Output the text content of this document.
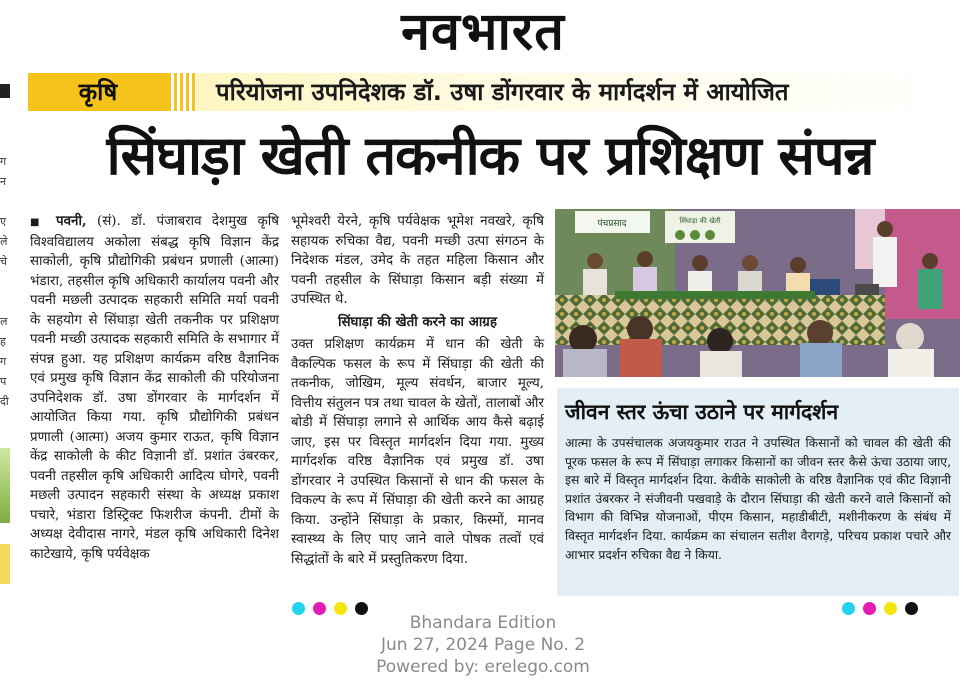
नवभारत
ग
न
ए
ले
चे
ल
ह
ग
प
दी
कृषि	परियोजना उपनिदेशक डॉ. उषा डोंगरवार के मार्गदर्शन में आयोजित
सिंघाड़ा खेती तकनीक पर प्रशिक्षण संपन्न

■ पवनी, (सं). डॉ. पंजाबराव देशमुख कृषि विश्वविद्यालय अकोला संबद्ध कृषि विज्ञान केंद्र साकोली, कृषि प्रौद्योगिकी प्रबंधन प्रणाली (आत्मा) भंडारा, तहसील कृषि अधिकारी कार्यालय पवनी और पवनी मछली उत्पादक सहकारी समिति मर्या पवनी के सहयोग से सिंघाड़ा खेती तकनीक पर प्रशिक्षण पवनी मच्छी उत्पादक सहकारी समिति के सभागार में संपन्न हुआ. यह प्रशिक्षण कार्यक्रम वरिष्ठ वैज्ञानिक एवं प्रमुख कृषि विज्ञान केंद्र साकोली की परियोजना उपनिदेशक डॉ. उषा डोंगरवार के मार्गदर्शन में आयोजित किया गया. कृषि प्रौद्योगिकी प्रबंधन प्रणाली (आत्मा) अजय कुमार राऊत, कृषि विज्ञान केंद्र साकोली के कीट विज्ञानी डॉ. प्रशांत उंबरकर, पवनी तहसील कृषि अधिकारी आदित्य घोगरे, पवनी मछली उत्पादन सहकारी संस्था के अध्यक्ष प्रकाश पचारे, भंडारा डिस्ट्रिक्ट फिशरीज कंपनी. टीमों के अध्यक्ष देवीदास नागरे, मंडल कृषि अधिकारी दिनेश काटेखाये, कृषि पर्यवेक्षक

भूमेश्वरी येरने, कृषि पर्यवेक्षक भूमेश नवखरे, कृषि सहायक रुचिका वैद्य, पवनी मच्छी उत्पा संगठन के निदेशक मंडल, उमेद के तहत महिला किसान और पवनी तहसील के सिंघाड़ा किसान बड़ी संख्या में उपस्थित थे.

सिंघाड़ा की खेती करने का आग्रह

उक्त प्रशिक्षण कार्यक्रम में धान की खेती के वैकल्पिक फसल के रूप में सिंघाड़ा की खेती की तकनीक, जोखिम, मूल्य संवर्धन, बाजार मूल्य, वित्तीय संतुलन पत्र तथा चावल के खेतों, तालाबों और बोडी में सिंघाड़ा लगाने से आर्थिक आय कैसे बढ़ाई जाए, इस पर विस्तृत मार्गदर्शन दिया गया. मुख्य मार्गदर्शक वरिष्ठ वैज्ञानिक एवं प्रमुख डॉ. उषा डोंगरवार ने उपस्थित किसानों से धान की फसल के विकल्प के रूप में सिंघाड़ा की खेती करने का आग्रह किया. उन्होंने सिंघाड़ा के प्रकार, किस्मों, मानव स्वास्थ्य के लिए पाए जाने वाले पोषक तत्वों एवं सिद्धांतों के बारे में प्रस्तुतिकरण दिया.

पंचप्रसाद	सिंघाड़ा की खेती
जीवन स्तर ऊंचा उठाने पर मार्गदर्शन
आत्मा के उपसंचालक अजयकुमार राउत ने उपस्थित किसानों को चावल की खेती की पूरक फसल के रूप में सिंघाड़ा लगाकर किसानों का जीवन स्तर कैसे ऊंचा उठाया जाए, इस बारे में विस्तृत मार्गदर्शन दिया. केवीके साकोली के वरिष्ठ वैज्ञानिक एवं कीट विज्ञानी प्रशांत उंबरकर ने संजीवनी पखवाड़े के दौरान सिंघाड़ा की खेती करने वाले किसानों को विभाग की विभिन्न योजनाओं, पीएम किसान, महाडीबीटी, मशीनीकरण के संबंध में विस्तृत मार्गदर्शन दिया. कार्यक्रम का संचालन सतीश वैरागड़े, परिचय प्रकाश पचारे और आभार प्रदर्शन रुचिका वैद्य ने किया.
Bhandara Edition
Jun 27, 2024 Page No. 2
Powered by: erelego.com
